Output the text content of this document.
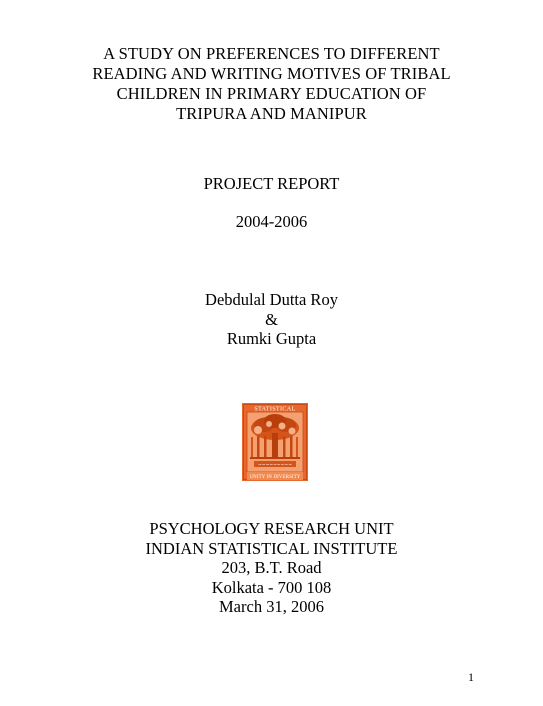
A STUDY ON PREFERENCES TO DIFFERENT
READING AND WRITING MOTIVES OF TRIBAL
CHILDREN IN PRIMARY EDUCATION OF
TRIPURA AND MANIPUR
PROJECT REPORT
2004-2006
Debdulal Dutta Roy
&
Rumki Gupta
STATISTICAL
~~~~~~~~~
UNITY IN DIVERSITY
PSYCHOLOGY RESEARCH UNIT
INDIAN STATISTICAL INSTITUTE
203, B.T. Road
Kolkata - 700 108
March 31, 2006
1
